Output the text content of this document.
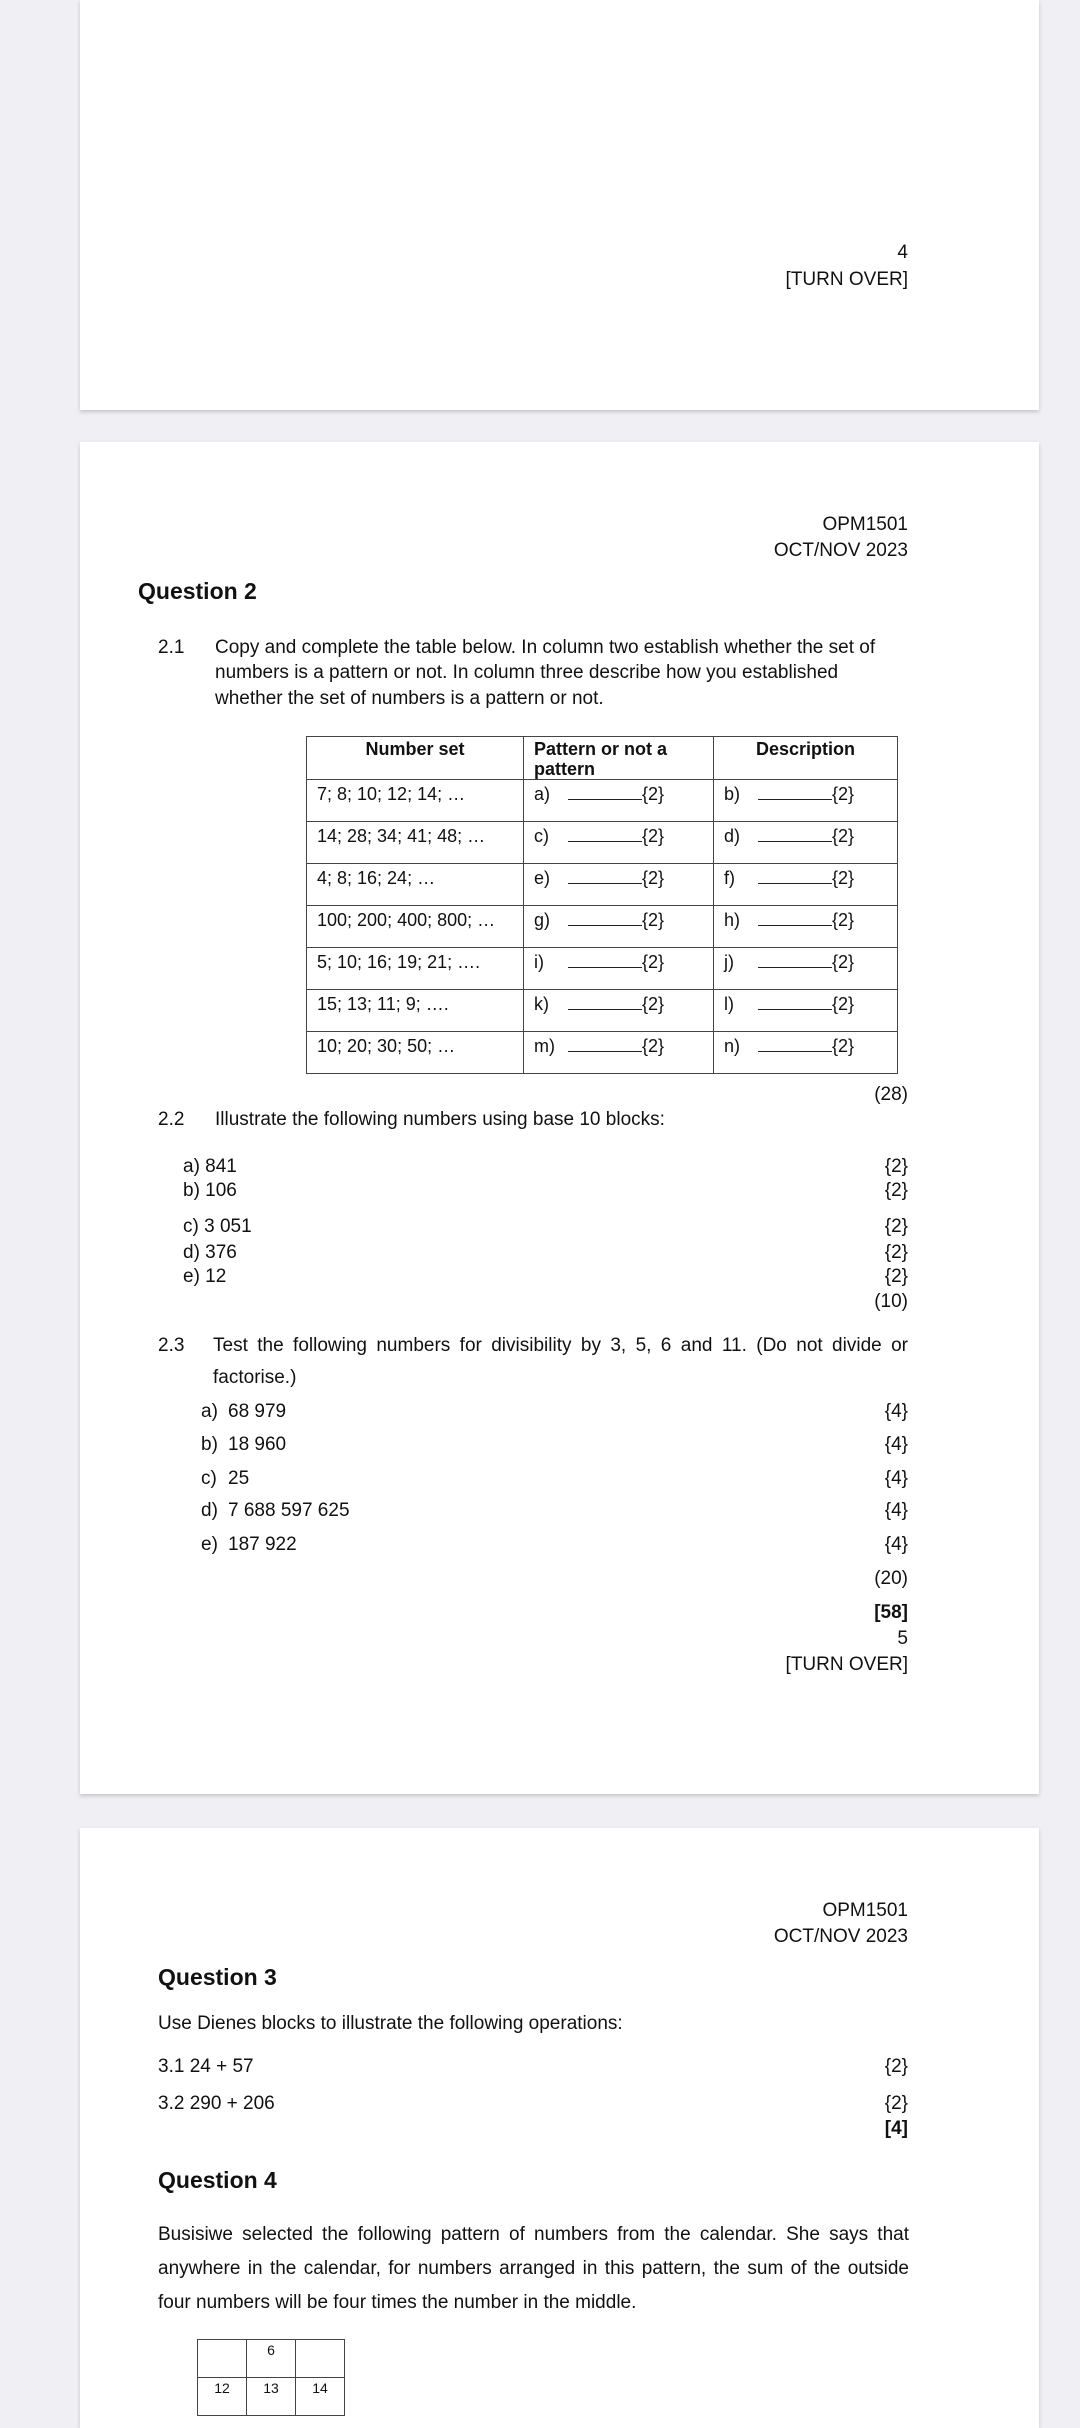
4
[TURN OVER]
OPM1501
OCT/NOV 2023
Question 2
2.1 Copy and complete the table below. In column two establish whether the set of
numbers is a pattern or not. In column three describe how you established
whether the set of numbers is a pattern or not.
Number set	Pattern or not a pattern	Description
7; 8; 10; 12; 14; …	a) {2}	b) {2}
14; 28; 34; 41; 48; …	c) {2}	d) {2}
4; 8; 16; 24; …	e) {2}	f) {2}
100; 200; 400; 800; …	g) {2}	h) {2}
5; 10; 16; 19; 21; ….	i) {2}	j) {2}
15; 13; 11; 9; ….	k) {2}	l) {2}
10; 20; 30; 50; …	m) {2}	n) {2}
(28)
2.2 Illustrate the following numbers using base 10 blocks:
a) 841	{2}
b) 106	{2}
c) 3 051	{2}
d) 376	{2}
e) 12	{2}
(10)
2.3 Test the following numbers for divisibility by 3, 5, 6 and 11. (Do not divide or
factorise.)
a) 68 979	{4}
b) 18 960	{4}
c) 25	{4}
d) 7 688 597 625	{4}
e) 187 922	{4}
(20)
[58]
5
[TURN OVER]
OPM1501
OCT/NOV 2023
Question 3
Use Dienes blocks to illustrate the following operations:
3.1 24 + 57	{2}
3.2 290 + 206	{2}
[4]
Question 4
Busisiwe selected the following pattern of numbers from the calendar. She says that
anywhere in the calendar, for numbers arranged in this pattern, the sum of the outside
four numbers will be four times the number in the middle.
	6	
12	13	14
